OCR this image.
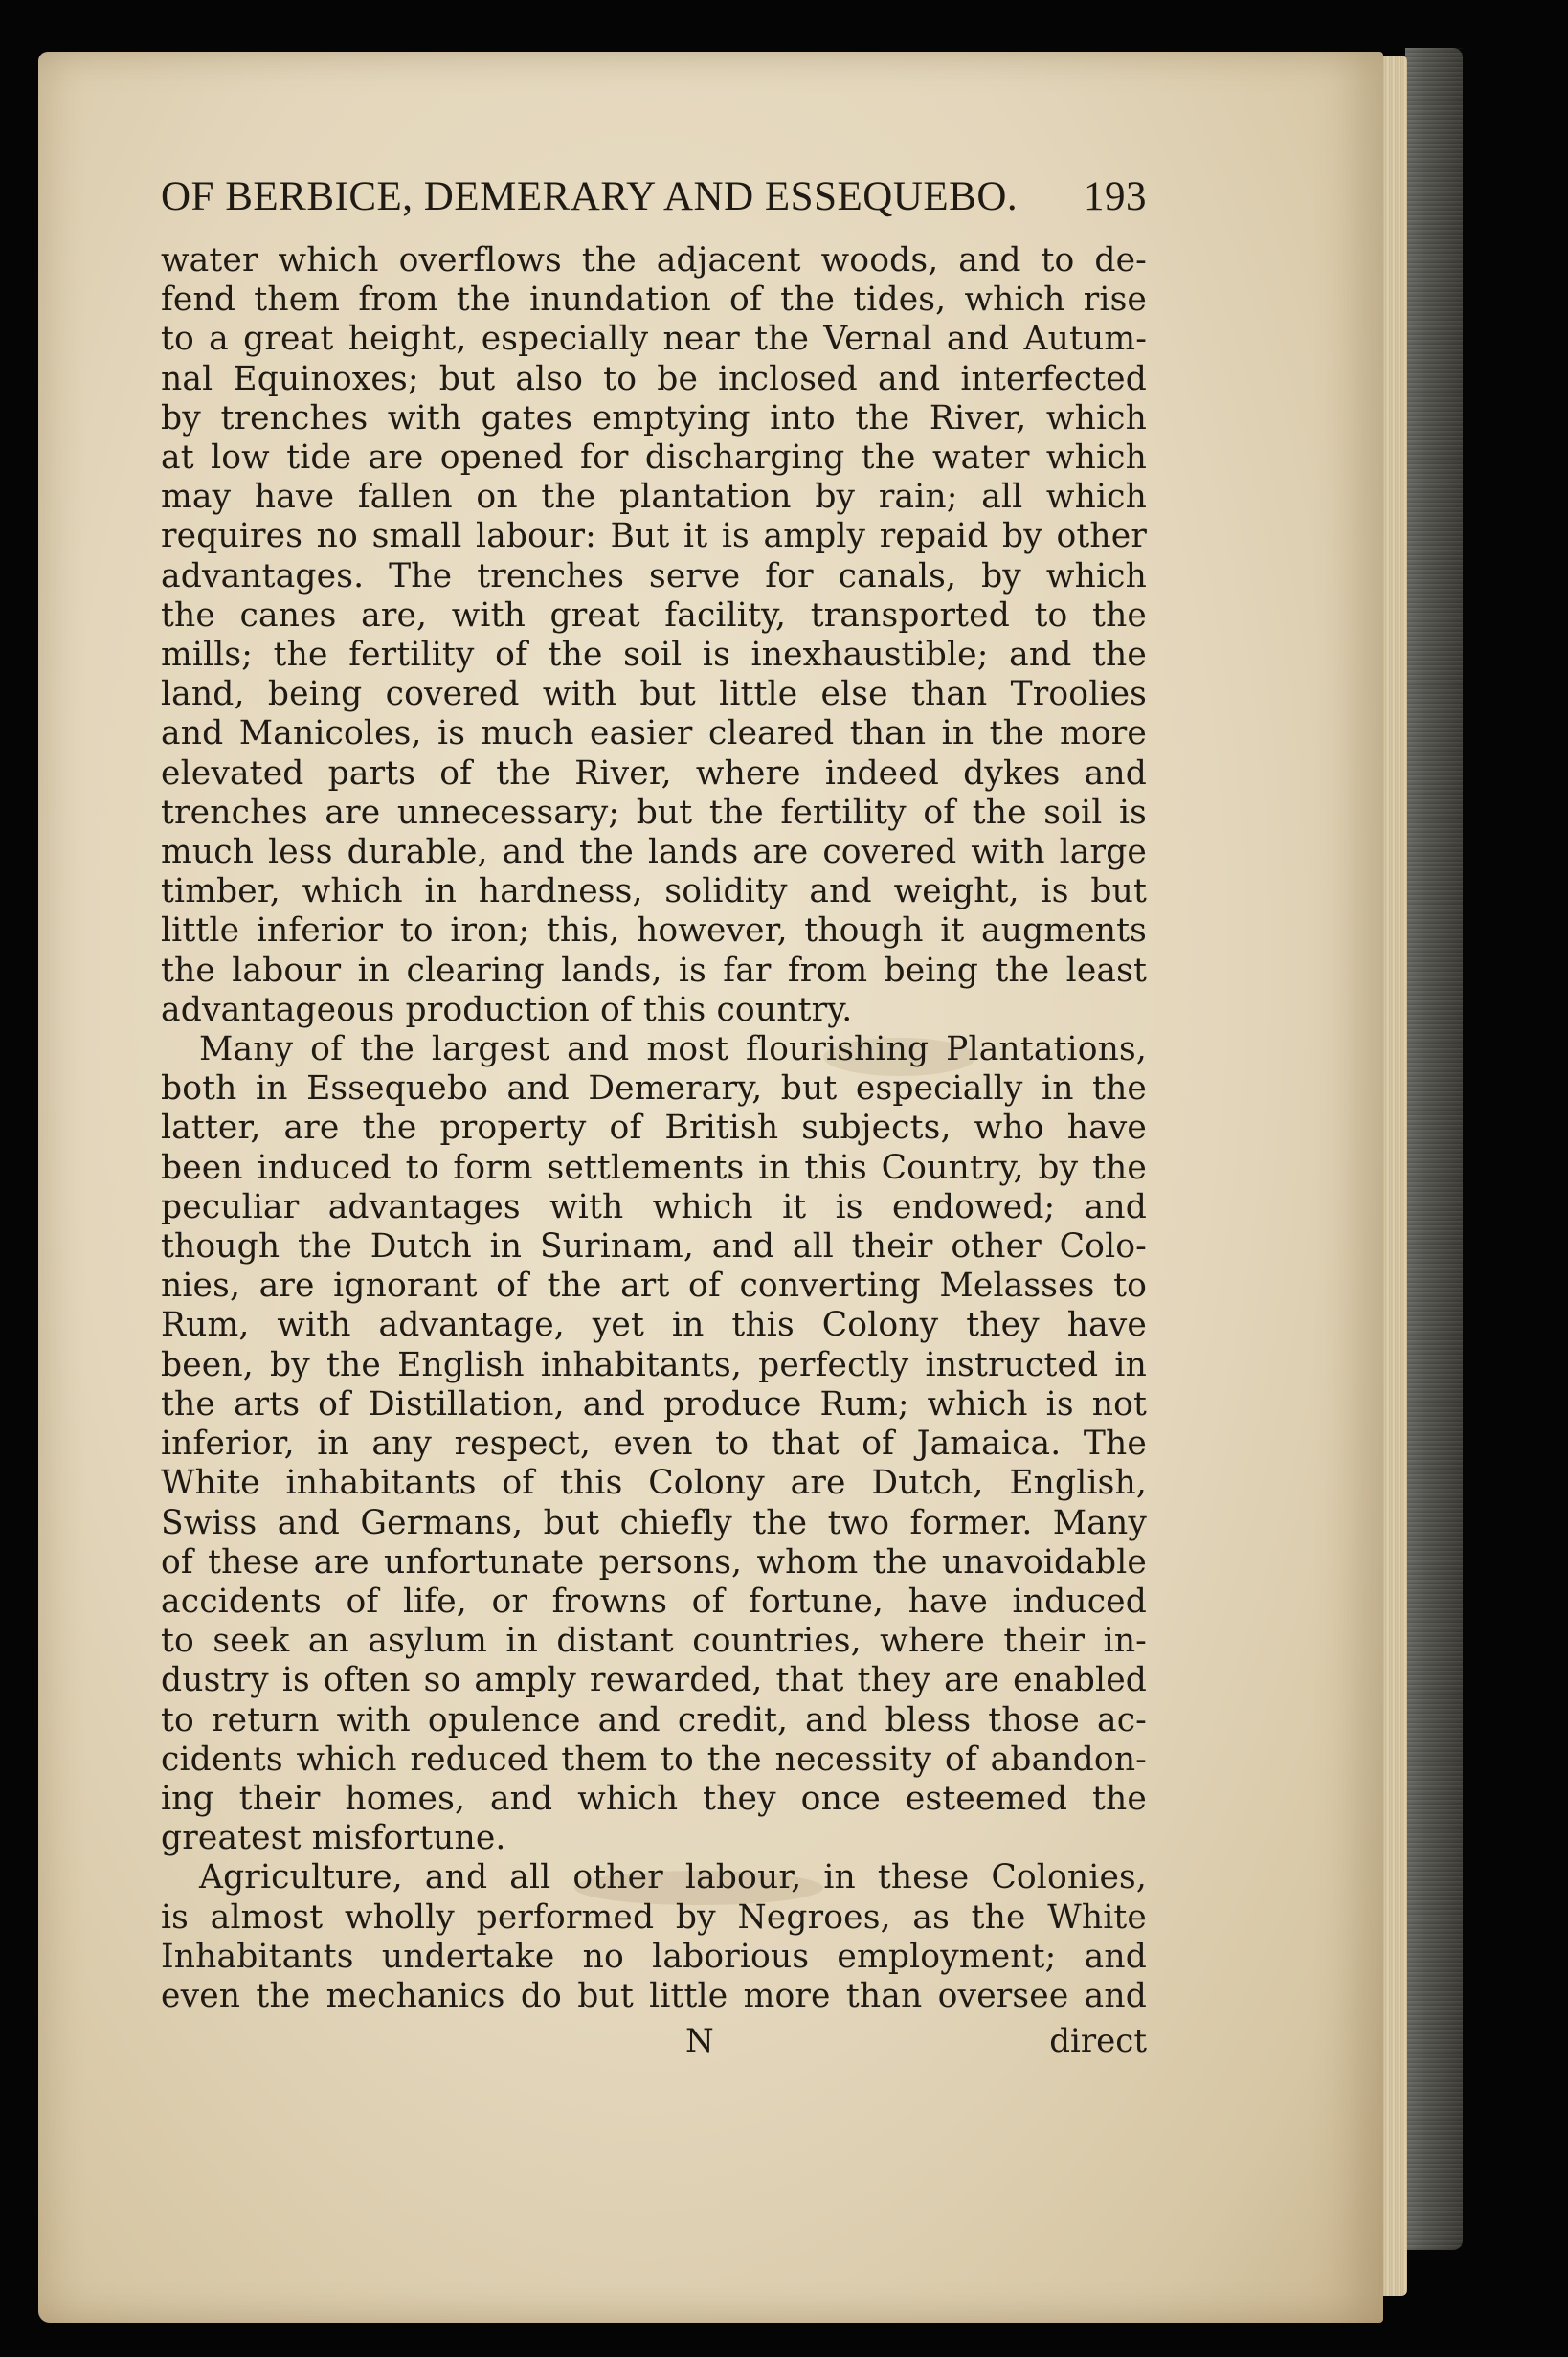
OF BERBICE, DEMERARY AND ESSEQUEBO. 193
water which overflows the adjacent woods, and to de-
fend them from the inundation of the tides, which rise
to a great height, especially near the Vernal and Autum-
nal Equinoxes; but also to be inclosed and interfected
by trenches with gates emptying into the River, which
at low tide are opened for discharging the water which
may have fallen on the plantation by rain; all which
requires no small labour: But it is amply repaid by other
advantages. The trenches serve for canals, by which
the canes are, with great facility, transported to the
mills; the fertility of the soil is inexhaustible; and the
land, being covered with but little else than Troolies
and Manicoles, is much easier cleared than in the more
elevated parts of the River, where indeed dykes and
trenches are unnecessary; but the fertility of the soil is
much less durable, and the lands are covered with large
timber, which in hardness, solidity and weight, is but
little inferior to iron; this, however, though it augments
the labour in clearing lands, is far from being the least
advantageous production of this country.
Many of the largest and most flourishing Plantations,
both in Essequebo and Demerary, but especially in the
latter, are the property of British subjects, who have
been induced to form settlements in this Country, by the
peculiar advantages with which it is endowed; and
though the Dutch in Surinam, and all their other Colo-
nies, are ignorant of the art of converting Melasses to
Rum, with advantage, yet in this Colony they have
been, by the English inhabitants, perfectly instructed in
the arts of Distillation, and produce Rum; which is not
inferior, in any respect, even to that of Jamaica. The
White inhabitants of this Colony are Dutch, English,
Swiss and Germans, but chiefly the two former. Many
of these are unfortunate persons, whom the unavoidable
accidents of life, or frowns of fortune, have induced
to seek an asylum in distant countries, where their in-
dustry is often so amply rewarded, that they are enabled
to return with opulence and credit, and bless those ac-
cidents which reduced them to the necessity of abandon-
ing their homes, and which they once esteemed the
greatest misfortune.
Agriculture, and all other labour, in these Colonies,
is almost wholly performed by Negroes, as the White
Inhabitants undertake no laborious employment; and
even the mechanics do but little more than oversee and
N	direct
